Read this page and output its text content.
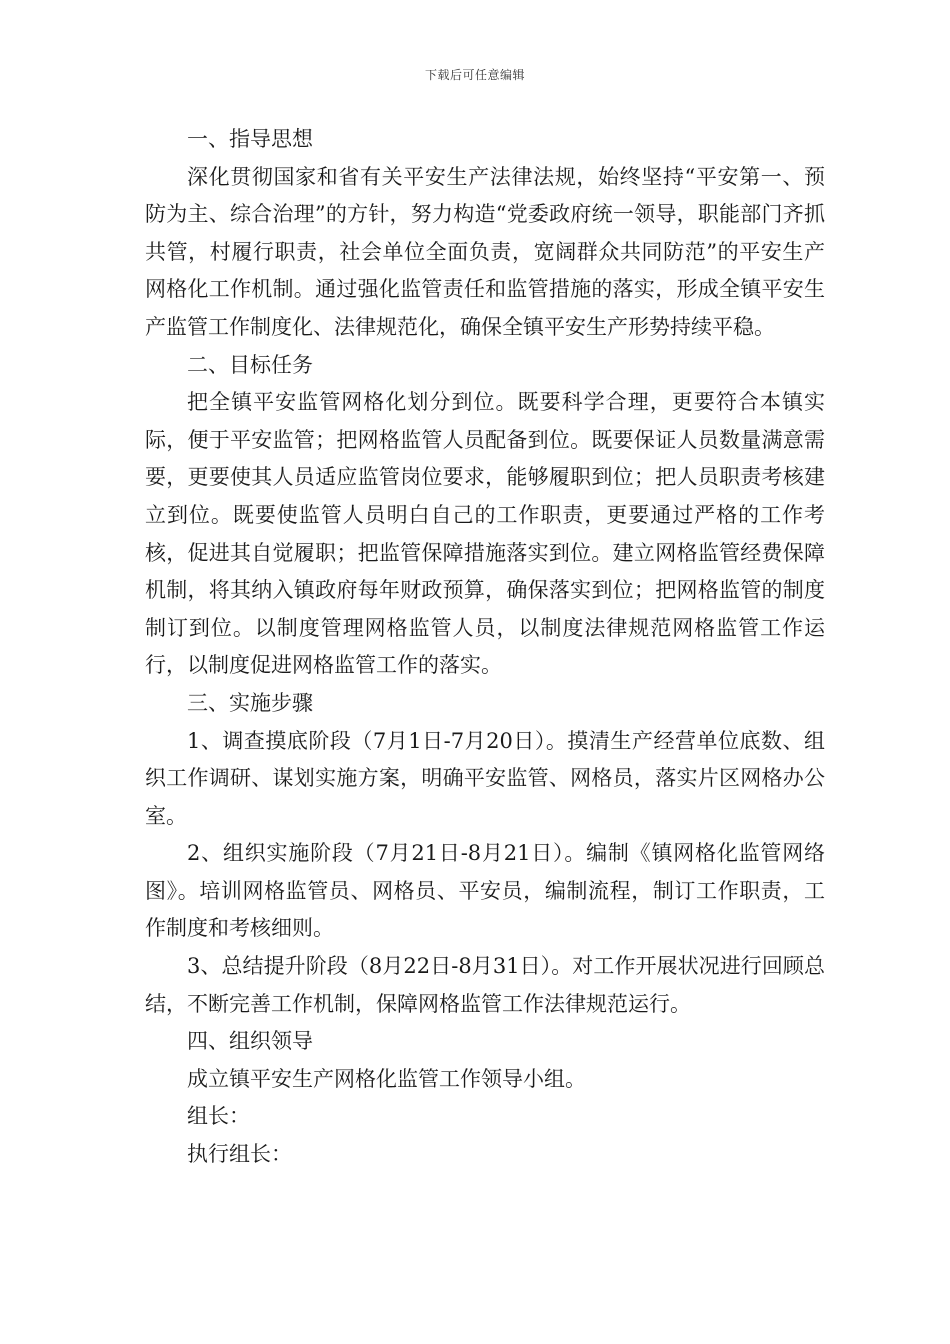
下载后可任意编辑

一、指导思想

深化贯彻国家和省有关平安生产法律法规，始终坚持“平安第一、预防为主、综合治理”的方针，努力构造“党委政府统一领导，职能部门齐抓共管，村履行职责，社会单位全面负责，宽阔群众共同防范”的平安生产网格化工作机制。通过强化监管责任和监管措施的落实，形成全镇平安生产监管工作制度化、法律规范化，确保全镇平安生产形势持续平稳。

二、目标任务

把全镇平安监管网格化划分到位。既要科学合理，更要符合本镇实际，便于平安监管；把网格监管人员配备到位。既要保证人员数量满意需要，更要使其人员适应监管岗位要求，能够履职到位；把人员职责考核建立到位。既要使监管人员明白自己的工作职责，更要通过严格的工作考核，促进其自觉履职；把监管保障措施落实到位。建立网格监管经费保障机制，将其纳入镇政府每年财政预算，确保落实到位；把网格监管的制度制订到位。以制度管理网格监管人员，以制度法律规范网格监管工作运行，以制度促进网格监管工作的落实。

三、实施步骤

1、调查摸底阶段（7月1日-7月20日）。摸清生产经营单位底数、组织工作调研、谋划实施方案，明确平安监管、网格员，落实片区网格办公室。

2、组织实施阶段（7月21日-8月21日）。编制《镇网格化监管网络图》。培训网格监管员、网格员、平安员，编制流程，制订工作职责，工作制度和考核细则。

3、总结提升阶段（8月22日-8月31日）。对工作开展状况进行回顾总结，不断完善工作机制，保障网格监管工作法律规范运行。

四、组织领导

成立镇平安生产网格化监管工作领导小组。

组长：

执行组长：
